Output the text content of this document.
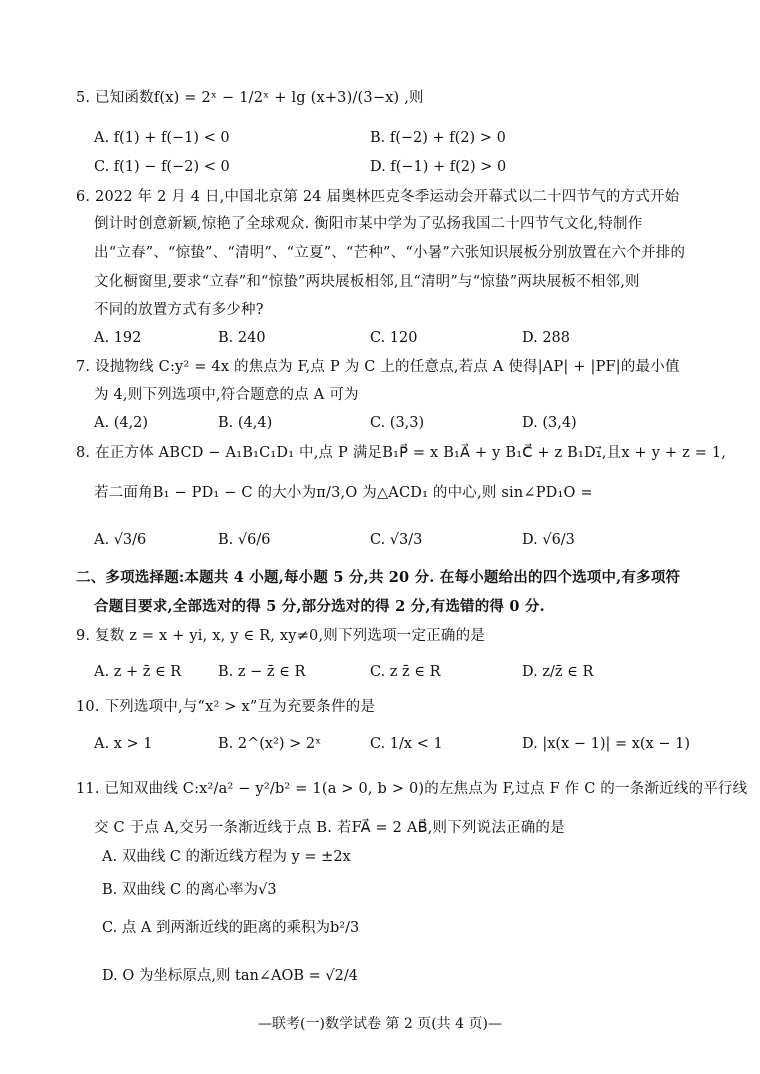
5. 已知函数f(x) = 2ˣ − 1/2ˣ + lg (x+3)/(3−x) ,则
A. f(1) + f(−1) < 0	B. f(−2) + f(2) > 0
C. f(1) − f(−2) < 0	D. f(−1) + f(2) > 0
6. 2022 年 2 月 4 日,中国北京第 24 届奥林匹克冬季运动会开幕式以二十四节气的方式开始
倒计时创意新颖,惊艳了全球观众. 衡阳市某中学为了弘扬我国二十四节气文化,特制作
出“立春”、“惊蛰”、“清明”、“立夏”、“芒种”、“小暑”六张知识展板分别放置在六个并排的
文化橱窗里,要求“立春”和“惊蛰”两块展板相邻,且“清明”与“惊蛰”两块展板不相邻,则
不同的放置方式有多少种?
A. 192	B. 240	C. 120	D. 288
7. 设抛物线 C:y² = 4x 的焦点为 F,点 P 为 C 上的任意点,若点 A 使得|AP| + |PF|的最小值
为 4,则下列选项中,符合题意的点 A 可为
A. (4,2)	B. (4,4)	C. (3,3)	D. (3,4)
8. 在正方体 ABCD − A₁B₁C₁D₁ 中,点 P 满足B₁P⃗ = x B₁A⃗ + y B₁C⃗ + z B₁D₁⃗,且x + y + z = 1,
若二面角B₁ − PD₁ − C 的大小为π/3,O 为△ACD₁ 的中心,则 sin∠PD₁O =
A. √3/6	B. √6/6	C. √3/3	D. √6/3
二、多项选择题:本题共 4 小题,每小题 5 分,共 20 分. 在每小题给出的四个选项中,有多项符
合题目要求,全部选对的得 5 分,部分选对的得 2 分,有选错的得 0 分.
9. 复数 z = x + yi, x, y ∈ R, xy≠0,则下列选项一定正确的是
A. z + z̄ ∈ R	B. z − z̄ ∈ R	C. z z̄ ∈ R	D. z/z̄ ∈ R
10. 下列选项中,与“x² > x”互为充要条件的是
A. x > 1	B. 2^(x²) > 2ˣ	C. 1/x < 1	D. |x(x − 1)| = x(x − 1)
11. 已知双曲线 C:x²/a² − y²/b² = 1(a > 0, b > 0)的左焦点为 F,过点 F 作 C 的一条渐近线的平行线
交 C 于点 A,交另一条渐近线于点 B. 若FA⃗ = 2 AB⃗,则下列说法正确的是
A. 双曲线 C 的渐近线方程为 y = ±2x
B. 双曲线 C 的离心率为√3
C. 点 A 到两渐近线的距离的乘积为b²/3
D. O 为坐标原点,则 tan∠AOB = √2/4
—联考(一)数学试卷 第 2 页(共 4 页)—
